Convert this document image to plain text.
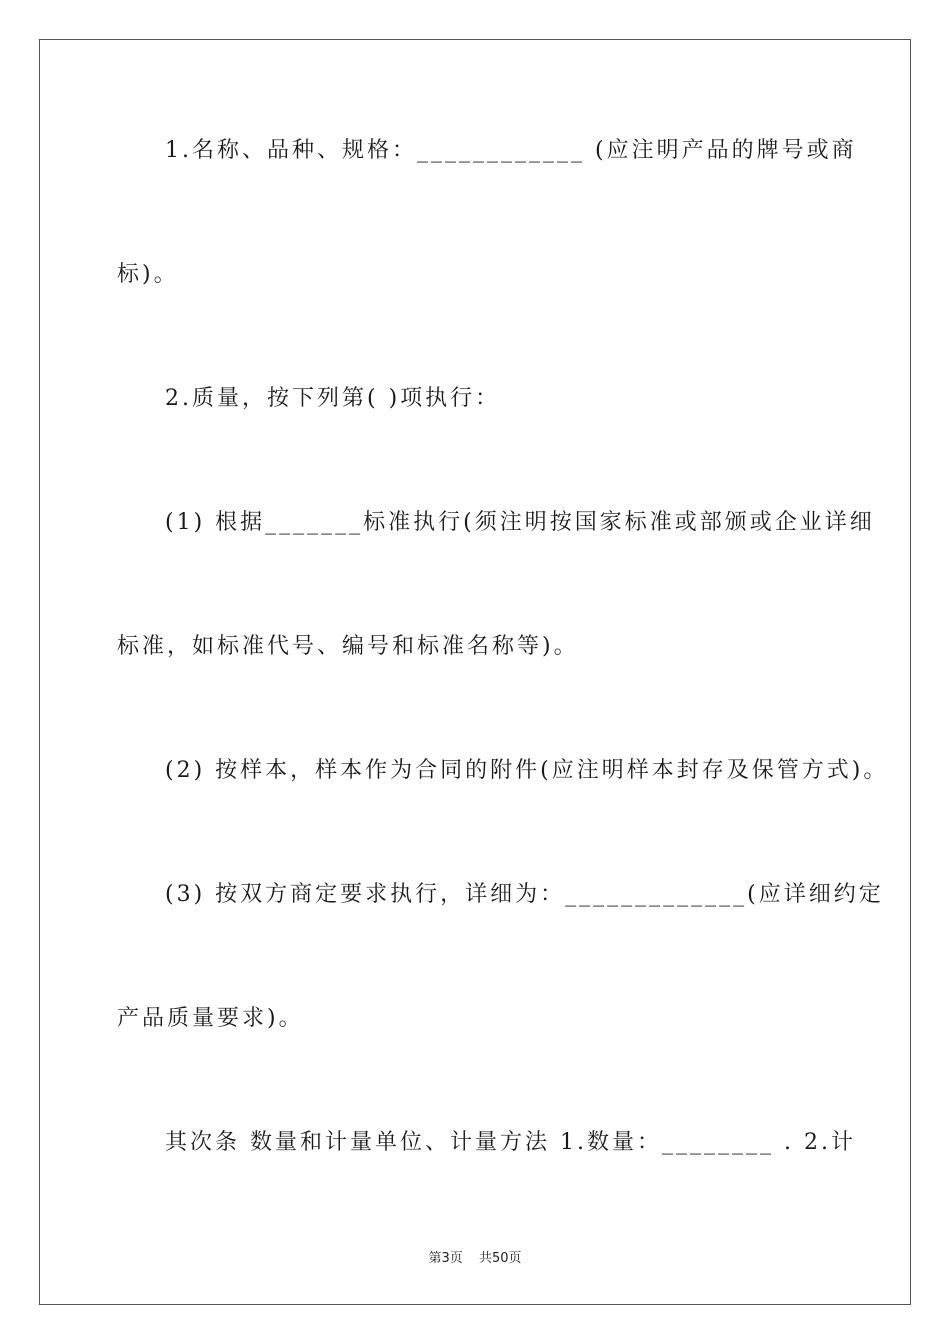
1.名称、品种、规格：____________ (应注明产品的牌号或商
标)。
2.质量，按下列第( )项执行：
(1) 根据_______标准执行(须注明按国家标准或部颁或企业详细
标准，如标准代号、编号和标准名称等)。
(2) 按样本，样本作为合同的附件(应注明样本封存及保管方式)。
(3) 按双方商定要求执行，详细为：_____________(应详细约定
产品质量要求)。
其次条 数量和计量单位、计量方法 1.数量：________ . 2.计
第3页 共50页
